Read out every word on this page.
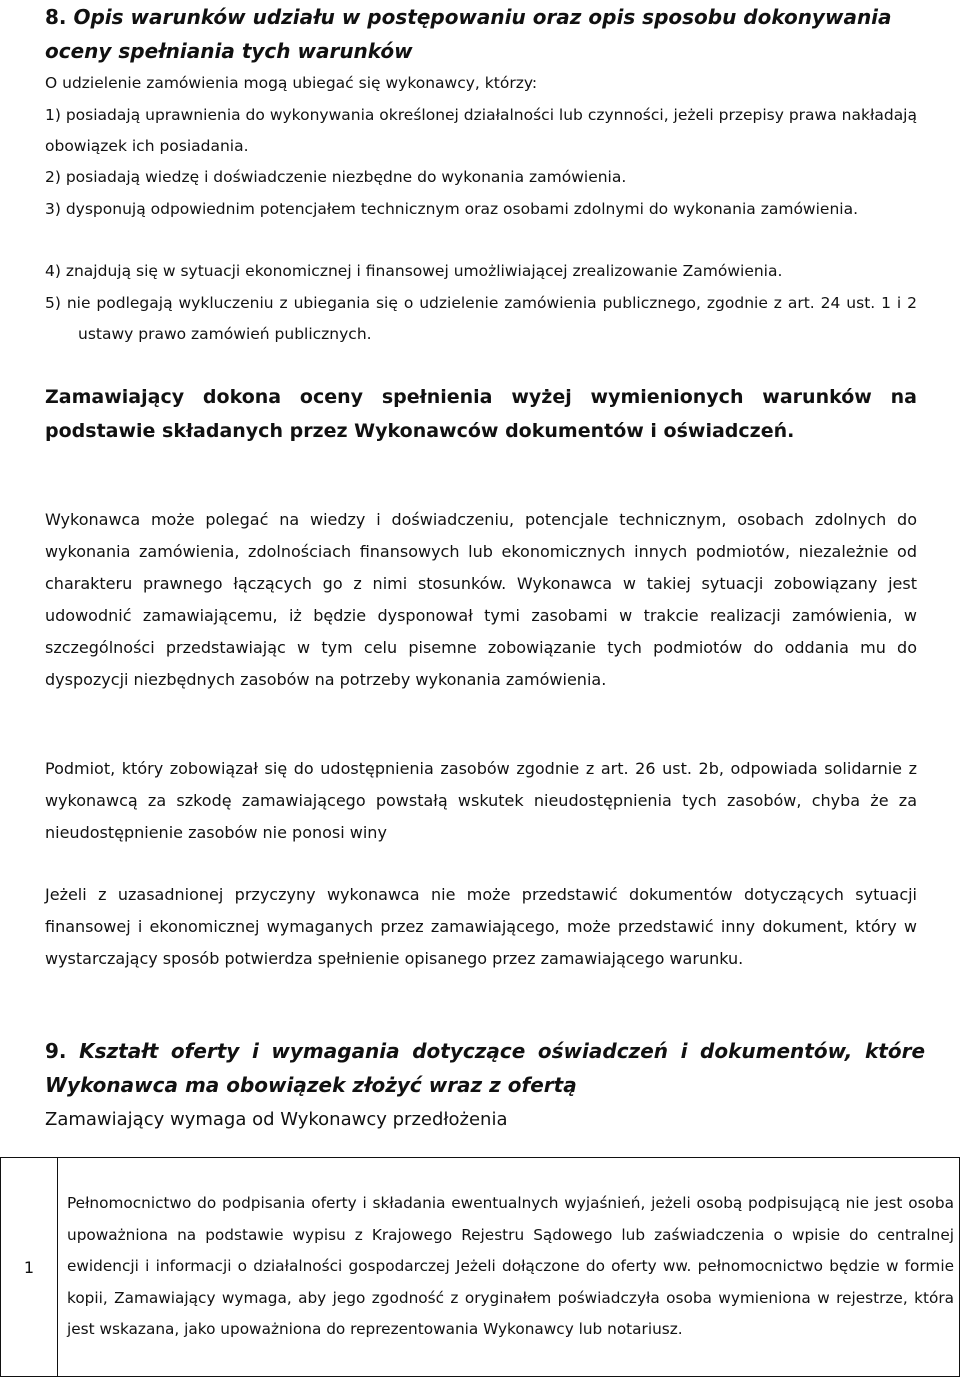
8. Opis warunków udziału w postępowaniu oraz opis sposobu dokonywania oceny spełniania tych warunków

O udzielenie zamówienia mogą ubiegać się wykonawcy, którzy:

1) posiadają uprawnienia do wykonywania określonej działalności lub czynności, jeżeli przepisy prawa nakładają obowiązek ich posiadania.

2) posiadają wiedzę i doświadczenie niezbędne do wykonania zamówienia.

3) dysponują odpowiednim potencjałem technicznym oraz osobami zdolnymi do wykonania zamówienia.

4) znajdują się w sytuacji ekonomicznej i finansowej umożliwiającej zrealizowanie Zamówienia.

5) nie podlegają wykluczeniu z ubiegania się o udzielenie zamówienia publicznego, zgodnie z art. 24 ust. 1 i 2 ustawy prawo zamówień publicznych.

Zamawiający dokona oceny spełnienia wyżej wymienionych warunków na podstawie składanych przez Wykonawców dokumentów i oświadczeń.

Wykonawca może polegać na wiedzy i doświadczeniu, potencjale technicznym, osobach zdolnych do wykonania zamówienia, zdolnościach finansowych lub ekonomicznych innych podmiotów, niezależnie od charakteru prawnego łączących go z nimi stosunków. Wykonawca w takiej sytuacji zobowiązany jest udowodnić zamawiającemu, iż będzie dysponował tymi zasobami w trakcie realizacji zamówienia, w szczególności przedstawiając w tym celu pisemne zobowiązanie tych podmiotów do oddania mu do dyspozycji niezbędnych zasobów na potrzeby wykonania zamówienia.

Podmiot, który zobowiązał się do udostępnienia zasobów zgodnie z art. 26 ust. 2b, odpowiada solidarnie z wykonawcą za szkodę zamawiającego powstałą wskutek nieudostępnienia tych zasobów, chyba że za nieudostępnienie zasobów nie ponosi winy

Jeżeli z uzasadnionej przyczyny wykonawca nie może przedstawić dokumentów dotyczących sytuacji finansowej i ekonomicznej wymaganych przez zamawiającego, może przedstawić inny dokument, który w wystarczający sposób potwierdza spełnienie opisanego przez zamawiającego warunku.

9. Kształt oferty i wymagania dotyczące oświadczeń i dokumentów, które Wykonawca ma obowiązek złożyć wraz z ofertą

Zamawiający wymaga od Wykonawcy przedłożenia

1	Pełnomocnictwo do podpisania oferty i składania ewentualnych wyjaśnień, jeżeli osobą podpisującą nie jest osoba upoważniona na podstawie wypisu z Krajowego Rejestru Sądowego lub zaświadczenia o wpisie do centralnej ewidencji i informacji o działalności gospodarczej Jeżeli dołączone do oferty ww. pełnomocnictwo będzie w formie kopii, Zamawiający wymaga, aby jego zgodność z oryginałem poświadczyła osoba wymieniona w rejestrze, która jest wskazana, jako upoważniona do reprezentowania Wykonawcy lub notariusz.
